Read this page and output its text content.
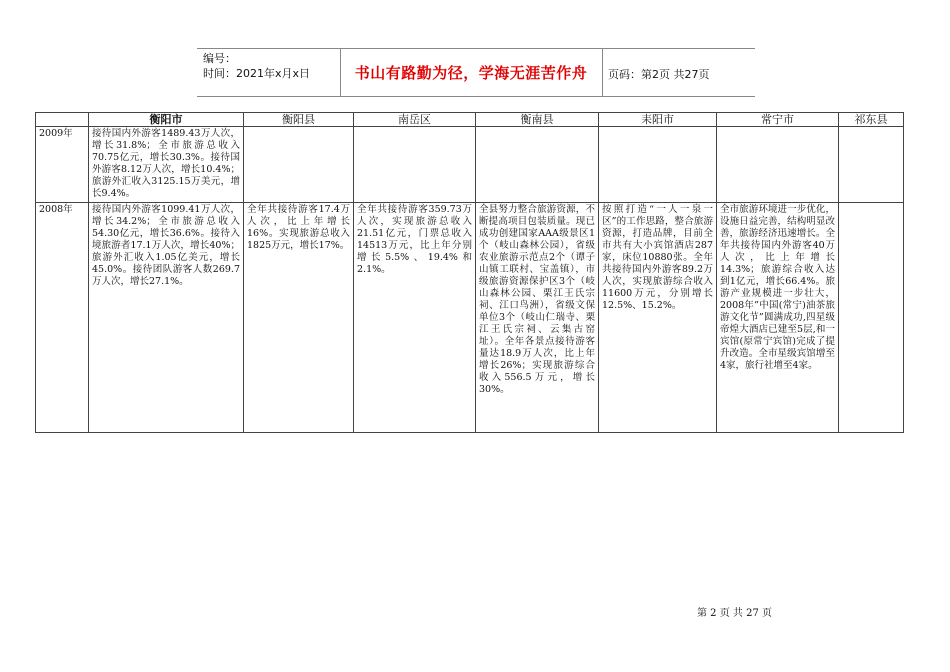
编号：
时间：2021年x月x日	书山有路勤为径，学海无涯苦作舟	页码：第2页 共27页
	衡阳市	衡阳县	南岳区	衡南县	耒阳市	常宁市	祁东县
2009年	接待国内外游客1489.43万人次，增长31.8%；全市旅游总收入70.75亿元，增长30.3%。接待国外游客8.12万人次，增长10.4%；旅游外汇收入3125.15万美元，增长9.4%。						
2008年	接待国内外游客1099.41万人次，增长34.2%；全市旅游总收入54.30亿元，增长36.6%。接待入境旅游者17.1万人次，增长40%；旅游外汇收入1.05亿美元，增长45.0%。接待团队游客人数269.7万人次，增长27.1%。	全年共接待游客17.4万人次，比上年增长16%。实现旅游总收入1825万元，增长17%。	全年共接待游客359.73万人次，实现旅游总收入21.51亿元，门票总收入14513万元，比上年分别增长5.5%、19.4%和2.1%。	全县努力整合旅游资源，不断提高项目包装质量。现已成功创建国家AAA级景区1个（岐山森林公园），省级农业旅游示范点2个（谭子山镇工联村、宝盖镇），市级旅游资源保护区3个（岐山森林公园、栗江王氏宗祠、江口鸟洲），省级文保单位3个（岐山仁瑞寺、栗江王氏宗祠、云集古窑址）。全年各景点接待游客量达18.9万人次，比上年增长26%；实现旅游综合收入556.5万元，增长30%。	按照打造“一人一泉一区”的工作思路，整合旅游资源，打造品牌，目前全市共有大小宾馆酒店287家，床位10880张。全年共接待国内外游客89.2万人次，实现旅游综合收入11600万元，分别增长12.5%、15.2%。	全市旅游环境进一步优化，设施日益完善，结构明显改善，旅游经济迅速增长。全年共接待国内外游客40万人次，比上年增长14.3%；旅游综合收入达到1亿元，增长66.4%。旅游产业规模进一步壮大，2008年”中国(常宁)油茶旅游文化节”圆满成功,四星级帝煌大酒店已建至5层,和一宾馆(原常宁宾馆)完成了提升改造。全市星级宾馆增至4家，旅行社增至4家。	
第 2 页 共 27 页
